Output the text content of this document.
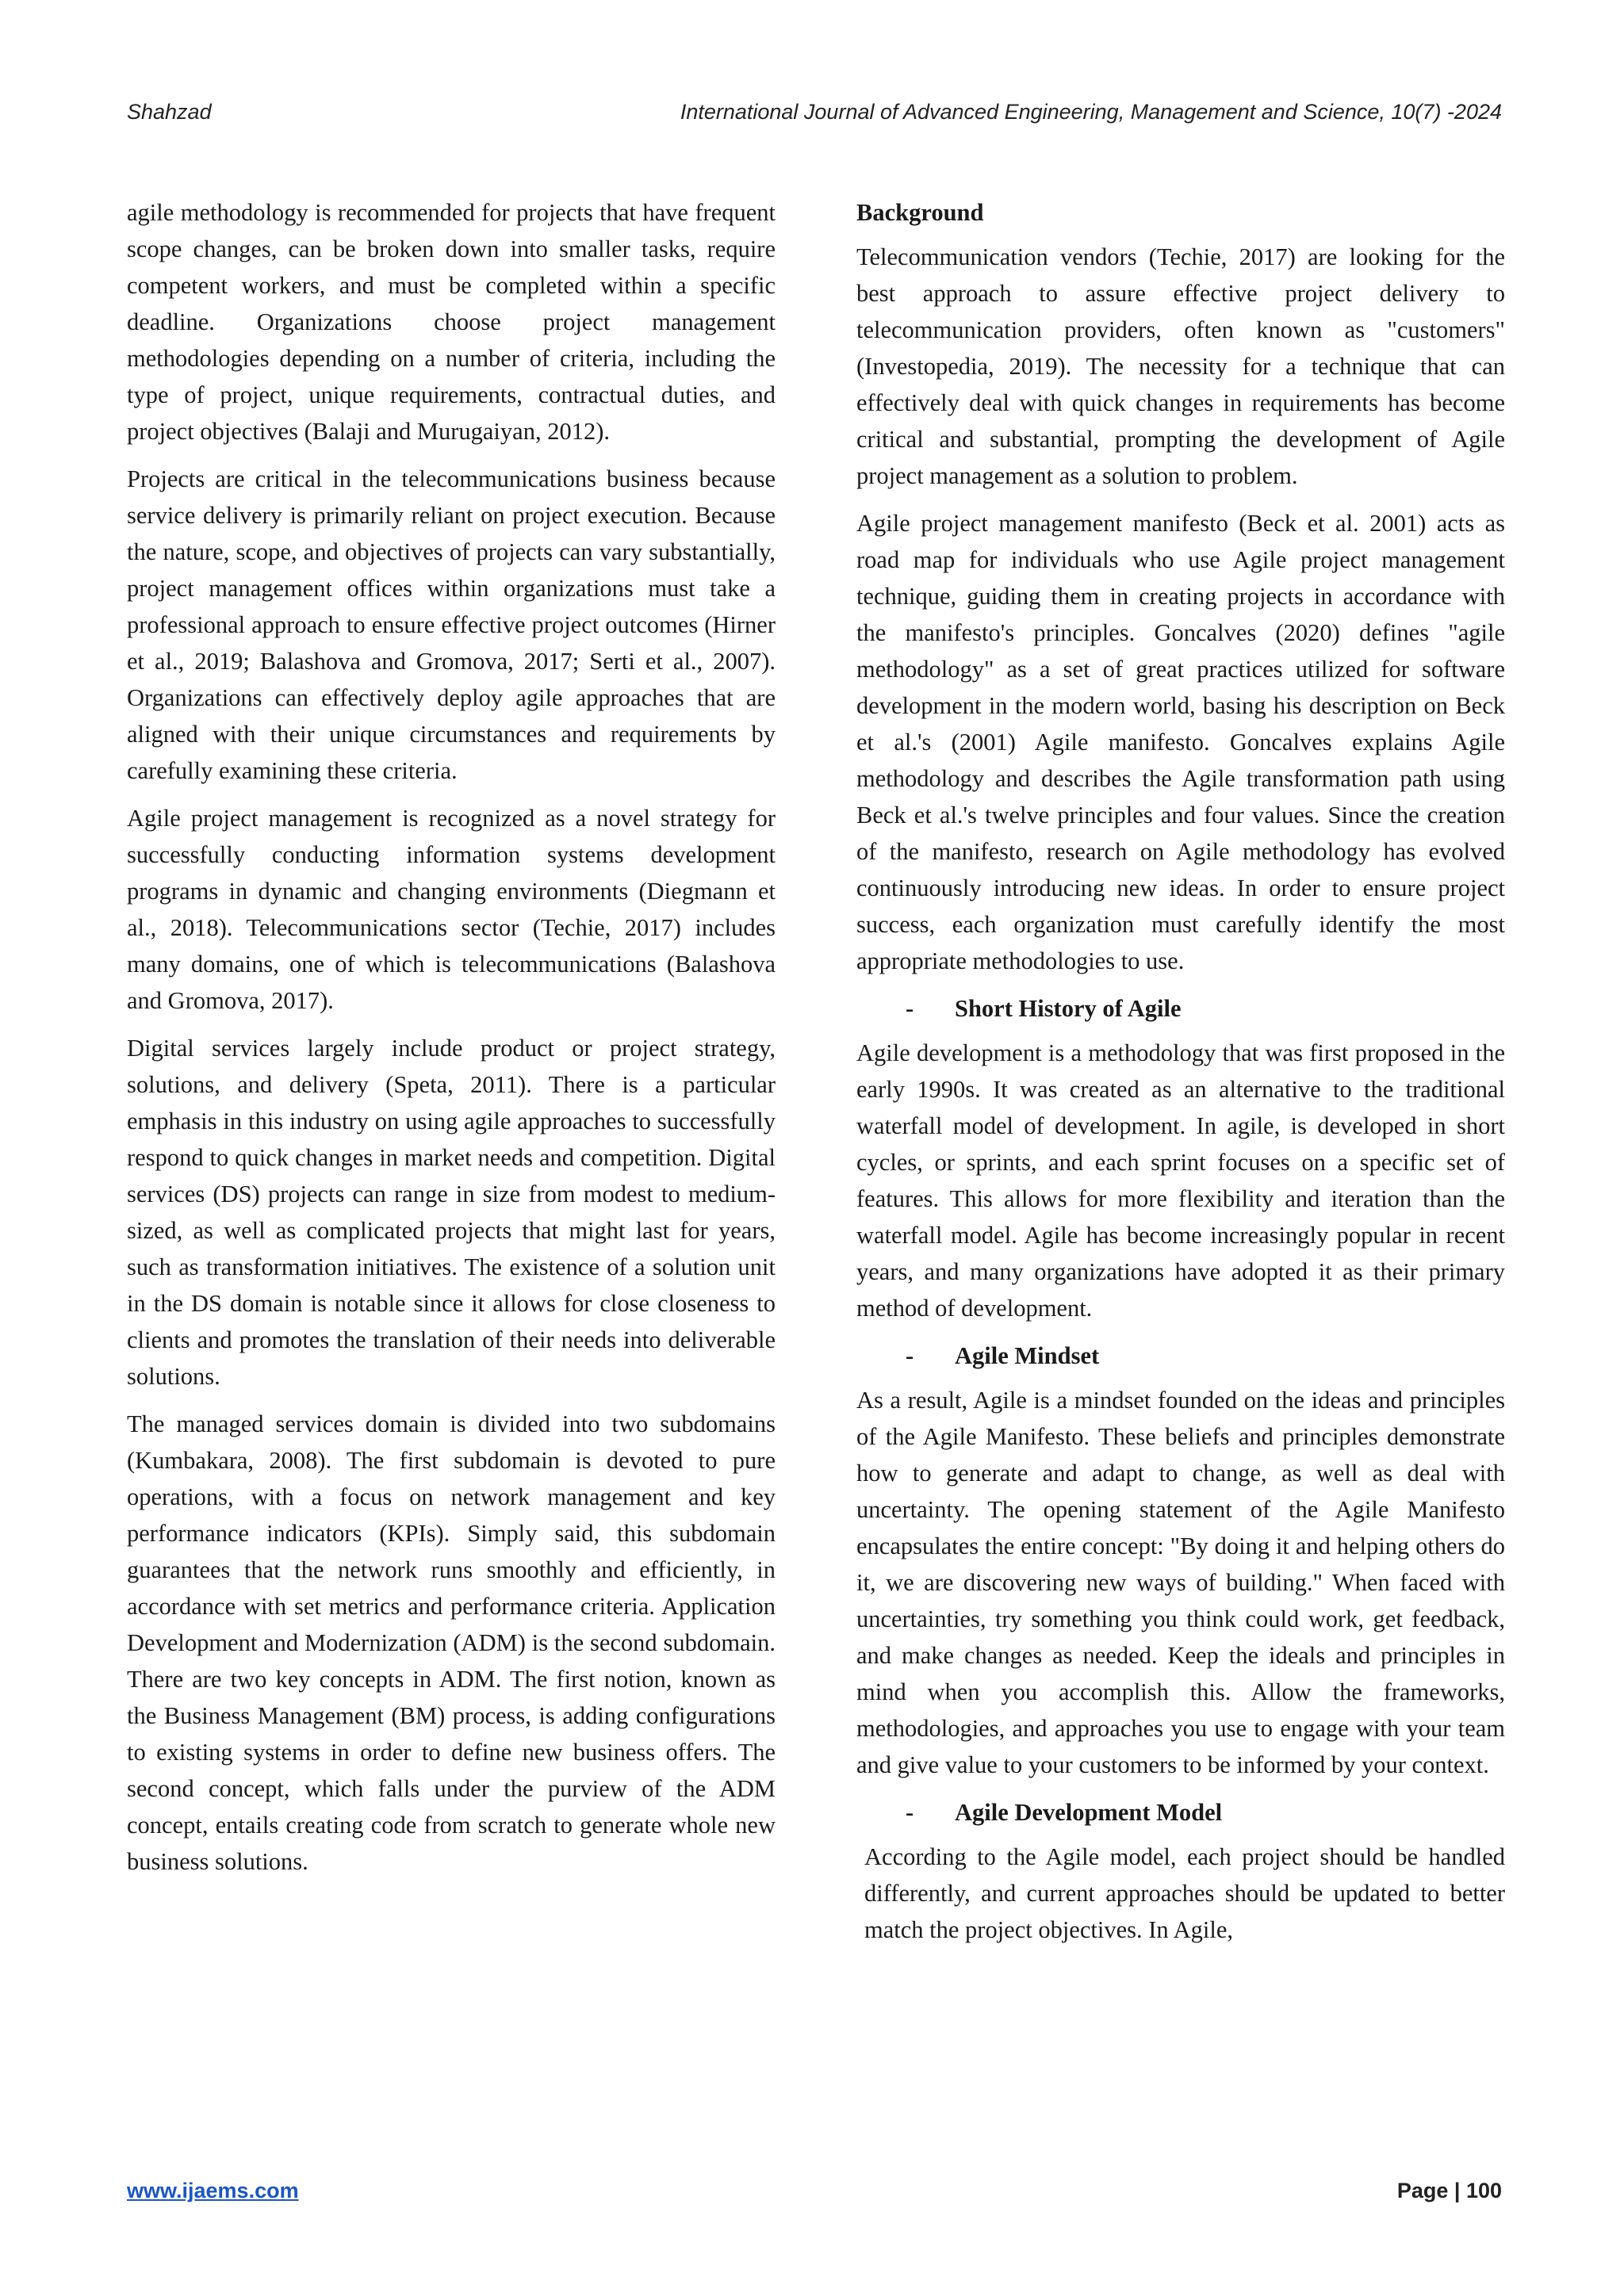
Shahzad	International Journal of Advanced Engineering, Management and Science, 10(7) -2024

agile methodology is recommended for projects that have frequent scope changes, can be broken down into smaller tasks, require competent workers, and must be completed within a specific deadline. Organizations choose project management methodologies depending on a number of criteria, including the type of project, unique requirements, contractual duties, and project objectives (Balaji and Murugaiyan, 2012).

Projects are critical in the telecommunications business because service delivery is primarily reliant on project execution. Because the nature, scope, and objectives of projects can vary substantially, project management offices within organizations must take a professional approach to ensure effective project outcomes (Hirner et al., 2019; Balashova and Gromova, 2017; Serti et al., 2007). Organizations can effectively deploy agile approaches that are aligned with their unique circumstances and requirements by carefully examining these criteria.

Agile project management is recognized as a novel strategy for successfully conducting information systems development programs in dynamic and changing environments (Diegmann et al., 2018). Telecommunications sector (Techie, 2017) includes many domains, one of which is telecommunications (Balashova and Gromova, 2017).

Digital services largely include product or project strategy, solutions, and delivery (Speta, 2011). There is a particular emphasis in this industry on using agile approaches to successfully respond to quick changes in market needs and competition. Digital services (DS) projects can range in size from modest to medium-sized, as well as complicated projects that might last for years, such as transformation initiatives. The existence of a solution unit in the DS domain is notable since it allows for close closeness to clients and promotes the translation of their needs into deliverable solutions.

The managed services domain is divided into two subdomains (Kumbakara, 2008). The first subdomain is devoted to pure operations, with a focus on network management and key performance indicators (KPIs). Simply said, this subdomain guarantees that the network runs smoothly and efficiently, in accordance with set metrics and performance criteria. Application Development and Modernization (ADM) is the second subdomain. There are two key concepts in ADM. The first notion, known as the Business Management (BM) process, is adding configurations to existing systems in order to define new business offers. The second concept, which falls under the purview of the ADM concept, entails creating code from scratch to generate whole new business solutions.

Background

Telecommunication vendors (Techie, 2017) are looking for the best approach to assure effective project delivery to telecommunication providers, often known as "customers" (Investopedia, 2019). The necessity for a technique that can effectively deal with quick changes in requirements has become critical and substantial, prompting the development of Agile project management as a solution to problem.

Agile project management manifesto (Beck et al. 2001) acts as road map for individuals who use Agile project management technique, guiding them in creating projects in accordance with the manifesto's principles. Goncalves (2020) defines "agile methodology" as a set of great practices utilized for software development in the modern world, basing his description on Beck et al.'s (2001) Agile manifesto. Goncalves explains Agile methodology and describes the Agile transformation path using Beck et al.'s twelve principles and four values. Since the creation of the manifesto, research on Agile methodology has evolved continuously introducing new ideas. In order to ensure project success, each organization must carefully identify the most appropriate methodologies to use.

- Short History of Agile

Agile development is a methodology that was first proposed in the early 1990s. It was created as an alternative to the traditional waterfall model of development. In agile, is developed in short cycles, or sprints, and each sprint focuses on a specific set of features. This allows for more flexibility and iteration than the waterfall model. Agile has become increasingly popular in recent years, and many organizations have adopted it as their primary method of development.

- Agile Mindset

As a result, Agile is a mindset founded on the ideas and principles of the Agile Manifesto. These beliefs and principles demonstrate how to generate and adapt to change, as well as deal with uncertainty. The opening statement of the Agile Manifesto encapsulates the entire concept: "By doing it and helping others do it, we are discovering new ways of building." When faced with uncertainties, try something you think could work, get feedback, and make changes as needed. Keep the ideals and principles in mind when you accomplish this. Allow the frameworks, methodologies, and approaches you use to engage with your team and give value to your customers to be informed by your context.

- Agile Development Model

According to the Agile model, each project should be handled differently, and current approaches should be updated to better match the project objectives. In Agile,

www.ijaems.com	Page | 100
